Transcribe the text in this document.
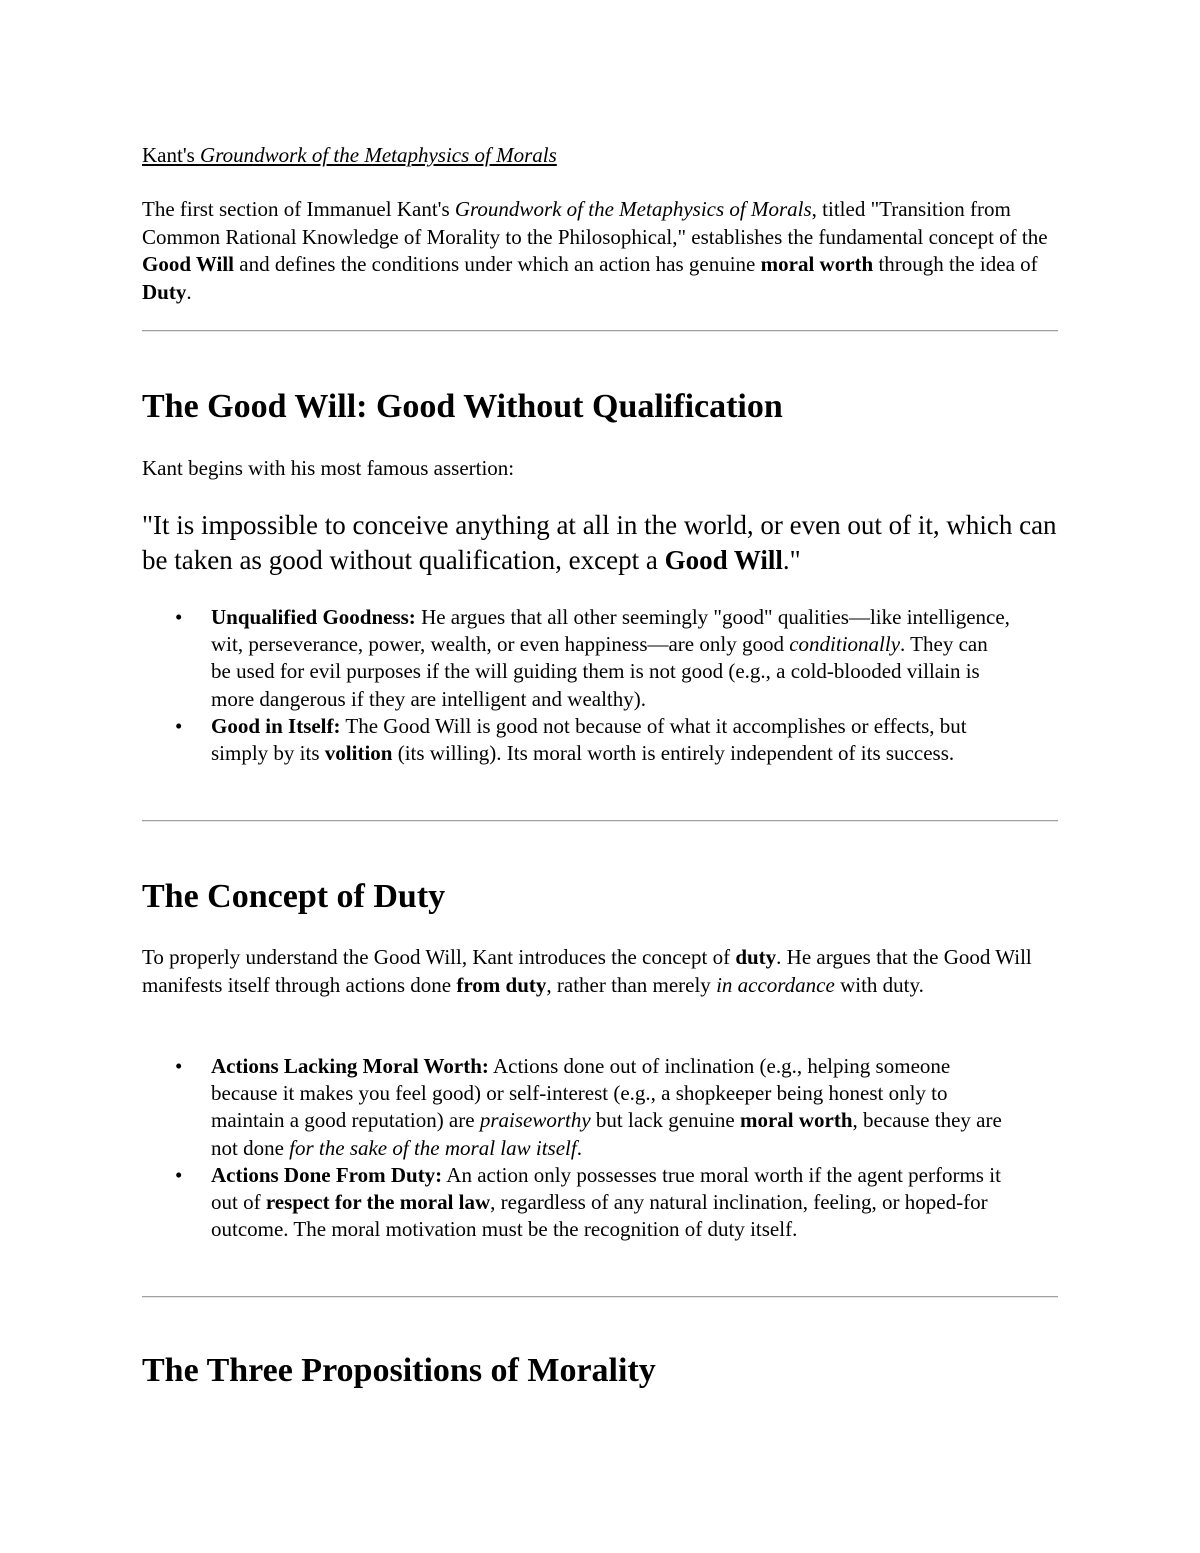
Kant's Groundwork of the Metaphysics of Morals

The first section of Immanuel Kant's Groundwork of the Metaphysics of Morals, titled "Transition from Common Rational Knowledge of Morality to the Philosophical," establishes the fundamental concept of the Good Will and defines the conditions under which an action has genuine moral worth through the idea of Duty.

The Good Will: Good Without Qualification

Kant begins with his most famous assertion:

"It is impossible to conceive anything at all in the world, or even out of it, which can be taken as good without qualification, except a Good Will."

• Unqualified Goodness: He argues that all other seemingly "good" qualities—like intelligence, wit, perseverance, power, wealth, or even happiness—are only good conditionally. They can be used for evil purposes if the will guiding them is not good (e.g., a cold-blooded villain is more dangerous if they are intelligent and wealthy).
• Good in Itself: The Good Will is good not because of what it accomplishes or effects, but simply by its volition (its willing). Its moral worth is entirely independent of its success.
The Concept of Duty

To properly understand the Good Will, Kant introduces the concept of duty. He argues that the Good Will manifests itself through actions done from duty, rather than merely in accordance with duty.

• Actions Lacking Moral Worth: Actions done out of inclination (e.g., helping someone because it makes you feel good) or self-interest (e.g., a shopkeeper being honest only to maintain a good reputation) are praiseworthy but lack genuine moral worth, because they are not done for the sake of the moral law itself.
• Actions Done From Duty: An action only possesses true moral worth if the agent performs it out of respect for the moral law, regardless of any natural inclination, feeling, or hoped-for outcome. The moral motivation must be the recognition of duty itself.
The Three Propositions of Morality
